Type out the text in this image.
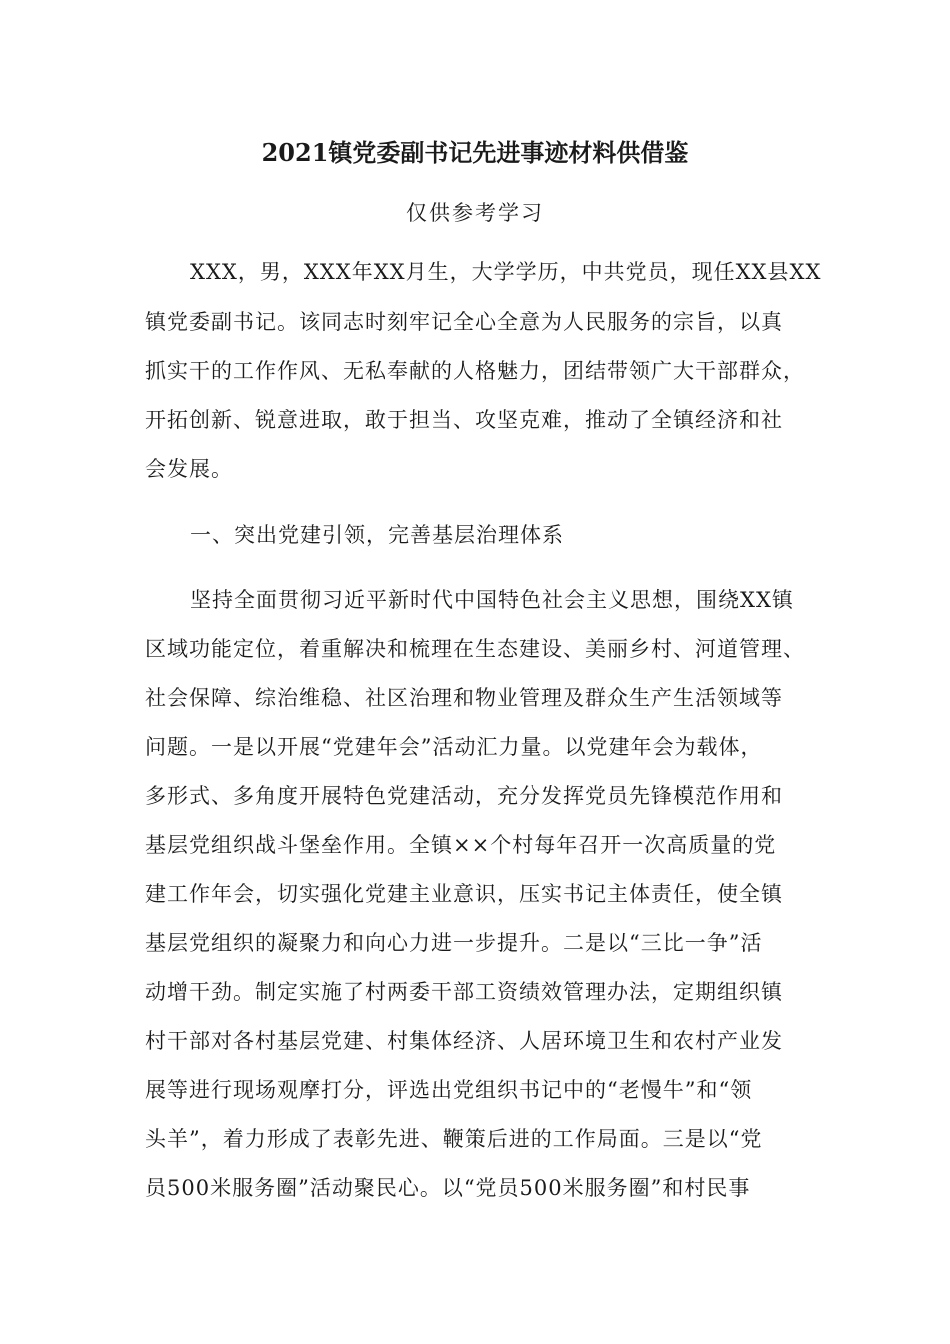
2021镇党委副书记先进事迹材料供借鉴
仅供参考学习
XXX，男，XXX年XX月生，大学学历，中共党员，现任XX县XX
镇党委副书记。该同志时刻牢记全心全意为人民服务的宗旨，以真
抓实干的工作作风、无私奉献的人格魅力，团结带领广大干部群众，
开拓创新、锐意进取，敢于担当、攻坚克难，推动了全镇经济和社
会发展。
一、突出党建引领，完善基层治理体系
坚持全面贯彻习近平新时代中国特色社会主义思想，围绕XX镇
区域功能定位，着重解决和梳理在生态建设、美丽乡村、河道管理、
社会保障、综治维稳、社区治理和物业管理及群众生产生活领域等
问题。一是以开展“党建年会”活动汇力量。以党建年会为载体，
多形式、多角度开展特色党建活动，充分发挥党员先锋模范作用和
基层党组织战斗堡垒作用。全镇××个村每年召开一次高质量的党
建工作年会，切实强化党建主业意识，压实书记主体责任，使全镇
基层党组织的凝聚力和向心力进一步提升。二是以“三比一争”活
动增干劲。制定实施了村两委干部工资绩效管理办法，定期组织镇
村干部对各村基层党建、村集体经济、人居环境卫生和农村产业发
展等进行现场观摩打分，评选出党组织书记中的“老慢牛”和“领
头羊”，着力形成了表彰先进、鞭策后进的工作局面。三是以“党
员500米服务圈”活动聚民心。以“党员500米服务圈”和村民事
